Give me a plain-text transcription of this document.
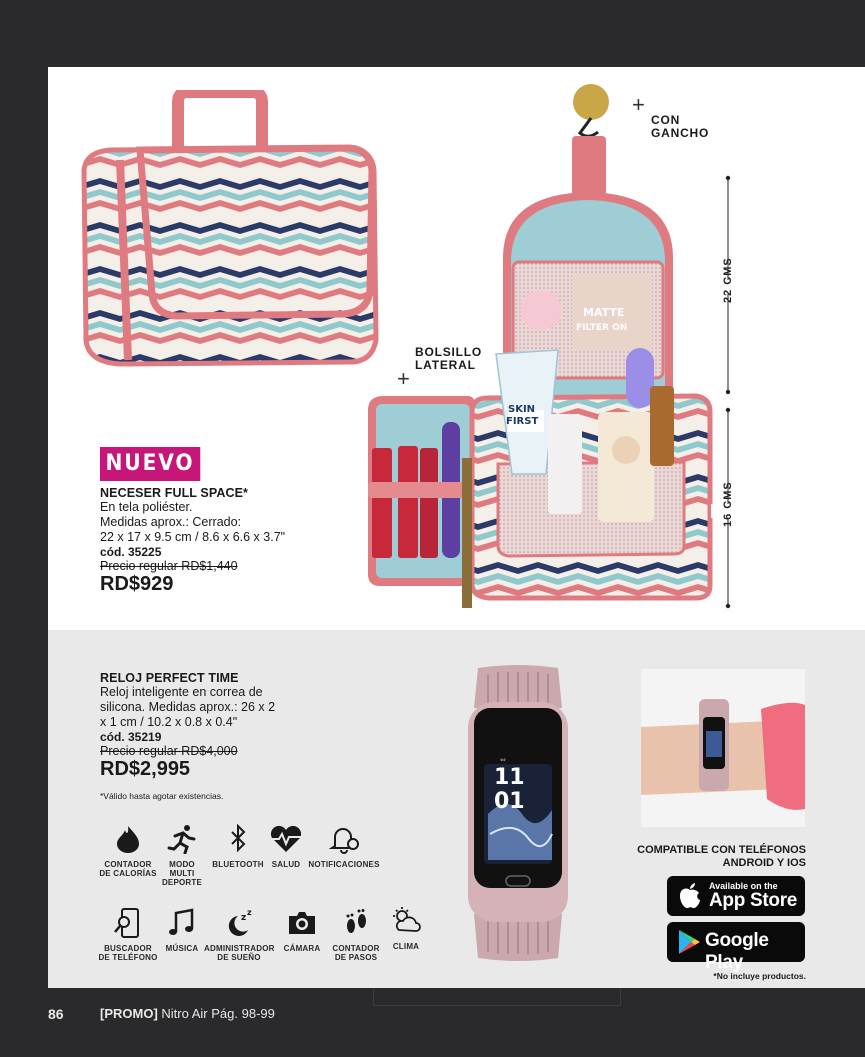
MATTE
FILTER ON
SKIN
FIRST
+
CON
GANCHO
BOLSILLO
LATERAL
+
22 CMS
16 CMS
NUEVO
NECESER FULL SPACE*
En tela poliéster.
Medidas aprox.: Cerrado:
22 x 17 x 9.5 cm / 8.6 x 6.6 x 3.7"
cód. 35225
Precio regular RD$1,440
RD$929
RELOJ PERFECT TIME
Reloj inteligente en correa de
silicona. Medidas aprox.: 26 x 2
x 1 cm / 10.2 x 0.8 x 0.4"
cód. 35219
Precio regular RD$4,000
RD$2,995
*Válido hasta agotar existencias.
CONTADOR
DE CALORÍAS
MODO
MULTI
DEPORTE
BLUETOOTH	SALUD	NOTIFICACIONES
BUSCADOR
DE TELÉFONO
MÚSICA
z
z
ADMINISTRADOR
DE SUEÑO
CÁMARA	CONTADOR
DE PASOS
CLIMA
⇔
11
01
COMPATIBLE CON TELÉFONOS
ANDROID Y IOS
Available on the
App Store
Google Play
*No incluye productos.
86	[PROMO] Nitro Air Pág. 98-99
